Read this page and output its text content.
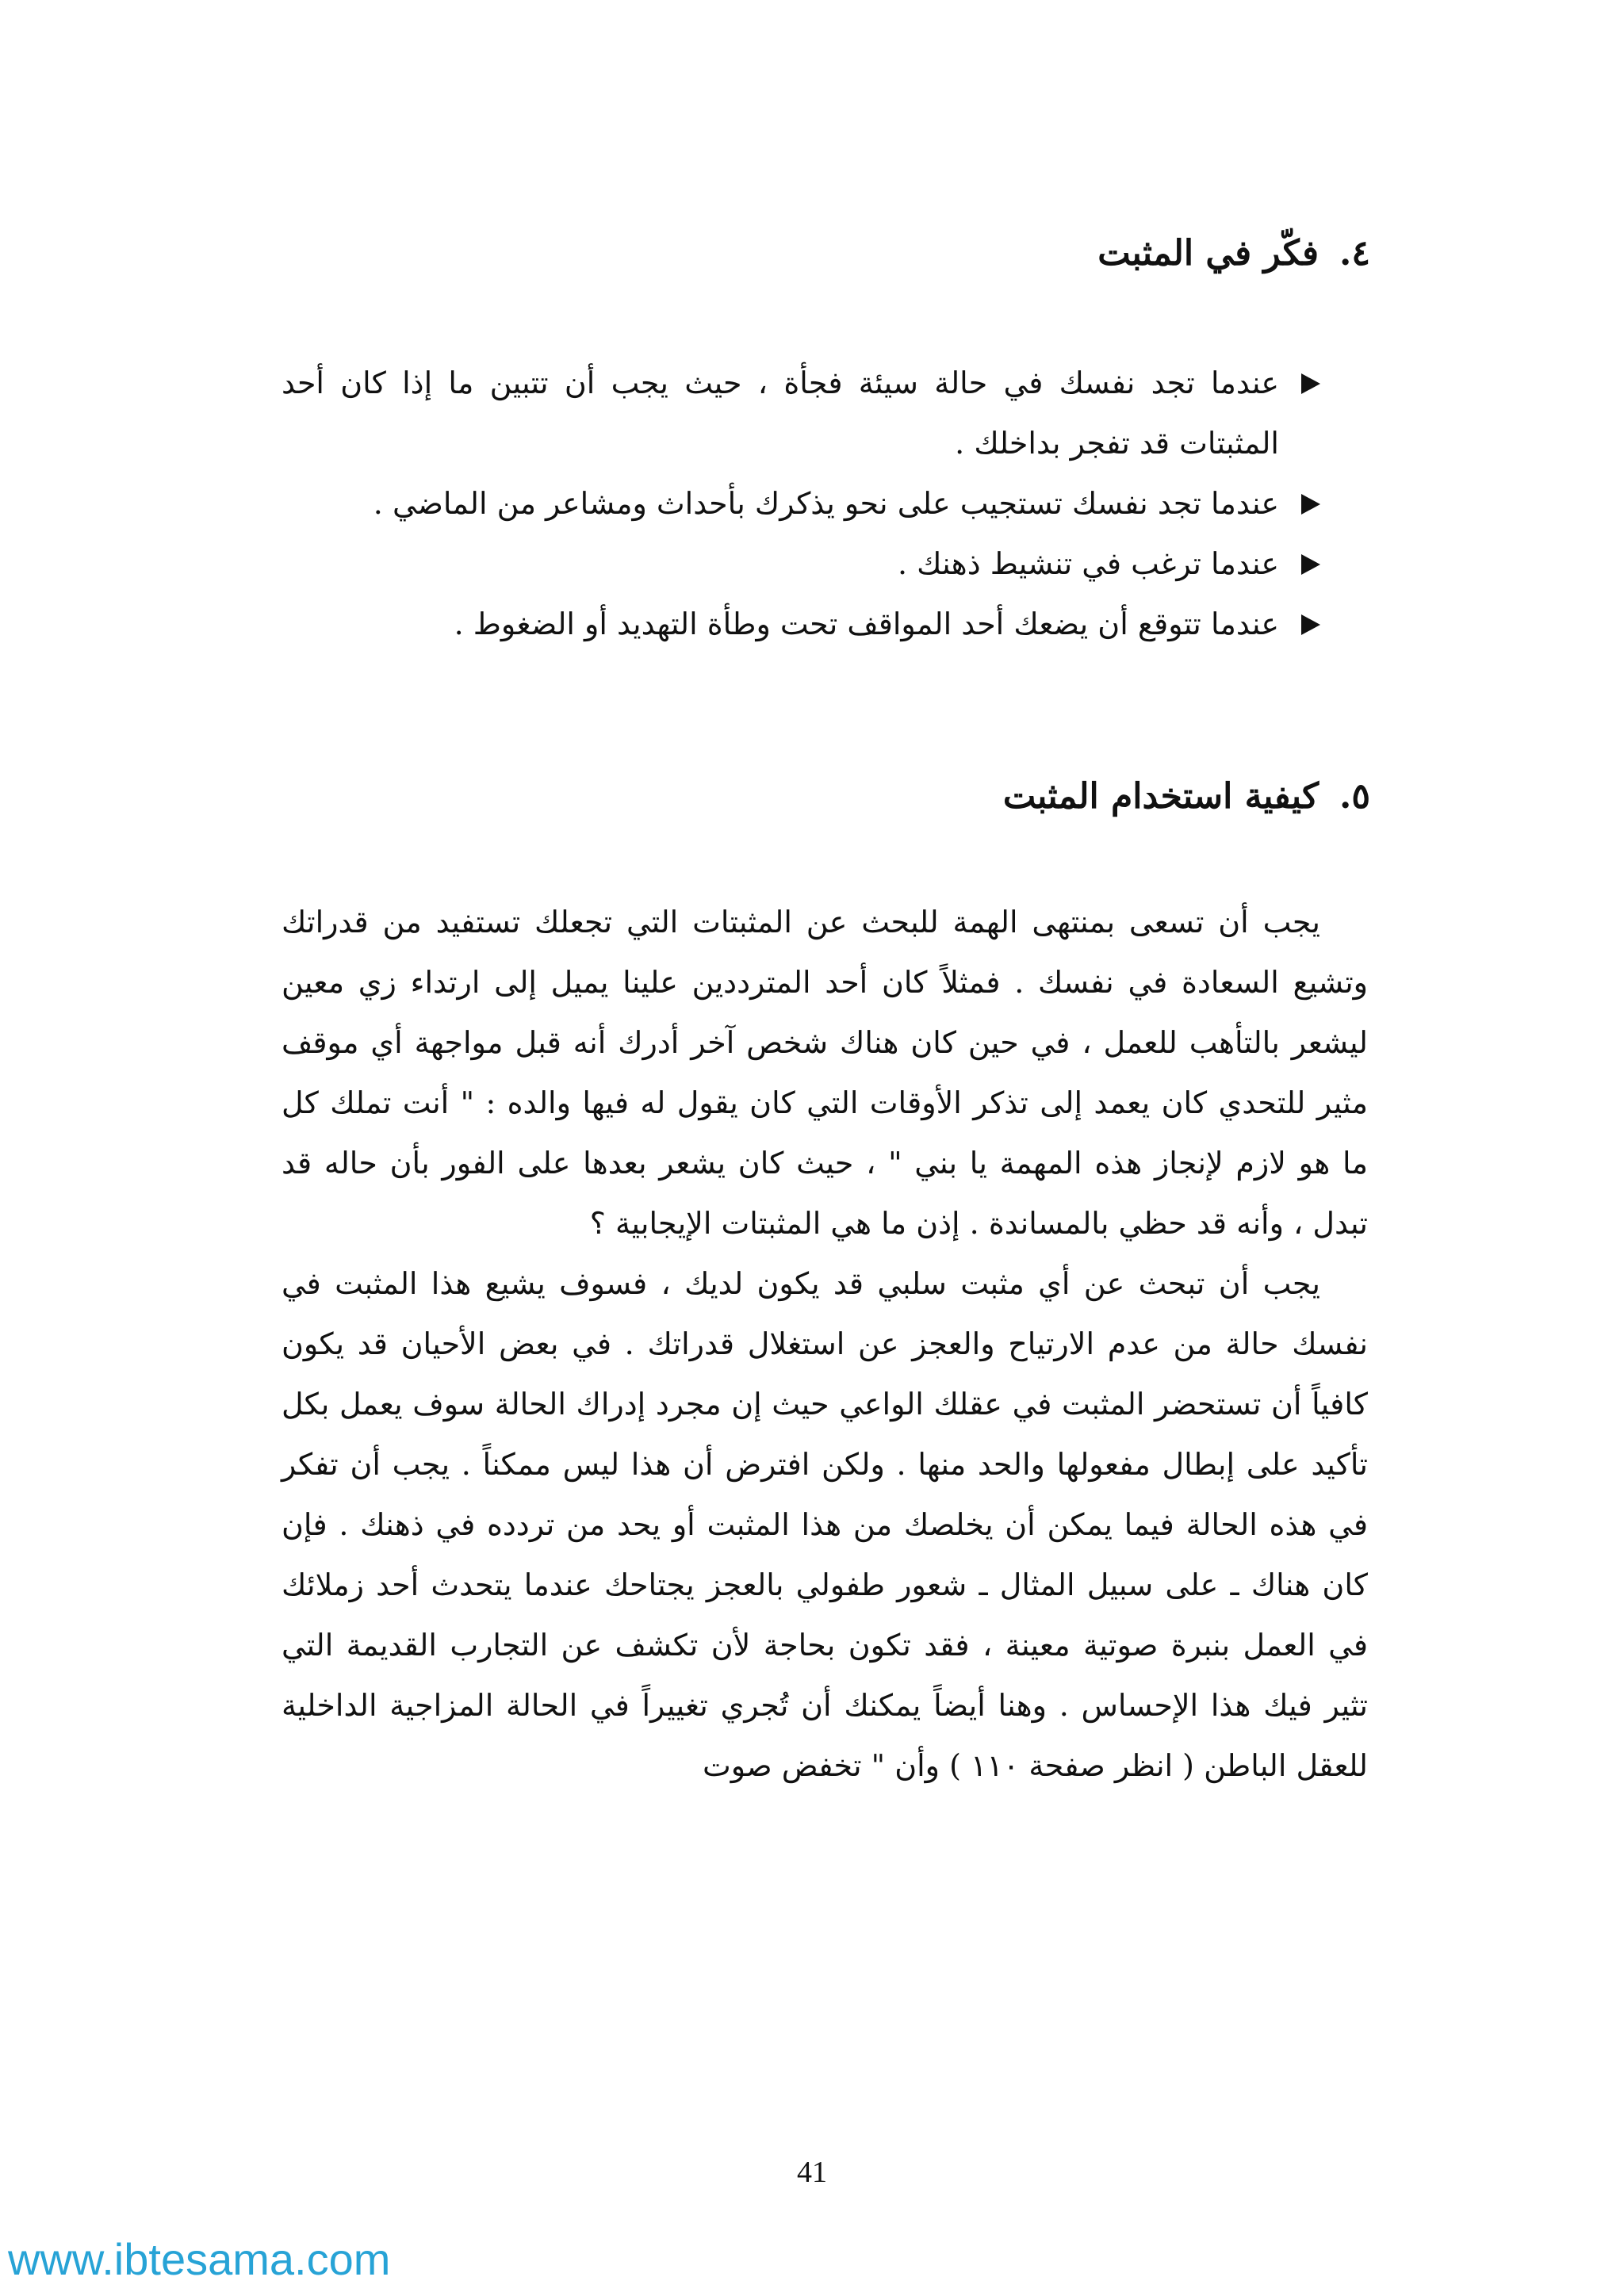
٤.فكّر في المثبت
عندما تجد نفسك في حالة سيئة فجأة ، حيث يجب أن تتبين ما إذا كان أحد المثبتات قد تفجر بداخلك .
عندما تجد نفسك تستجيب على نحو يذكرك بأحداث ومشاعر من الماضي .
عندما ترغب في تنشيط ذهنك .
عندما تتوقع أن يضعك أحد المواقف تحت وطأة التهديد أو الضغوط .
٥.كيفية استخدام المثبت

يجب أن تسعى بمنتهى الهمة للبحث عن المثبتات التي تجعلك تستفيد من قدراتك وتشيع السعادة في نفسك . فمثلاً كان أحد المترددين علينا يميل إلى ارتداء زي معين ليشعر بالتأهب للعمل ، في حين كان هناك شخص آخر أدرك أنه قبل مواجهة أي موقف مثير للتحدي كان يعمد إلى تذكر الأوقات التي كان يقول له فيها والده : " أنت تملك كل ما هو لازم لإنجاز هذه المهمة يا بني " ، حيث كان يشعر بعدها على الفور بأن حاله قد تبدل ، وأنه قد حظي بالمساندة . إذن ما هي المثبتات الإيجابية ؟

يجب أن تبحث عن أي مثبت سلبي قد يكون لديك ، فسوف يشيع هذا المثبت في نفسك حالة من عدم الارتياح والعجز عن استغلال قدراتك . في بعض الأحيان قد يكون كافياً أن تستحضر المثبت في عقلك الواعي حيث إن مجرد إدراك الحالة سوف يعمل بكل تأكيد على إبطال مفعولها والحد منها . ولكن افترض أن هذا ليس ممكناً . يجب أن تفكر في هذه الحالة فيما يمكن أن يخلصك من هذا المثبت أو يحد من تردده في ذهنك . فإن كان هناك ـ على سبيل المثال ـ شعور طفولي بالعجز يجتاحك عندما يتحدث أحد زملائك في العمل بنبرة صوتية معينة ، فقد تكون بحاجة لأن تكشف عن التجارب القديمة التي تثير فيك هذا الإحساس . وهنا أيضاً يمكنك أن تُجري تغييراً في الحالة المزاجية الداخلية للعقل الباطن ( انظر صفحة ١١٠ ) وأن " تخفض صوت

41
www.ibtesama.com
